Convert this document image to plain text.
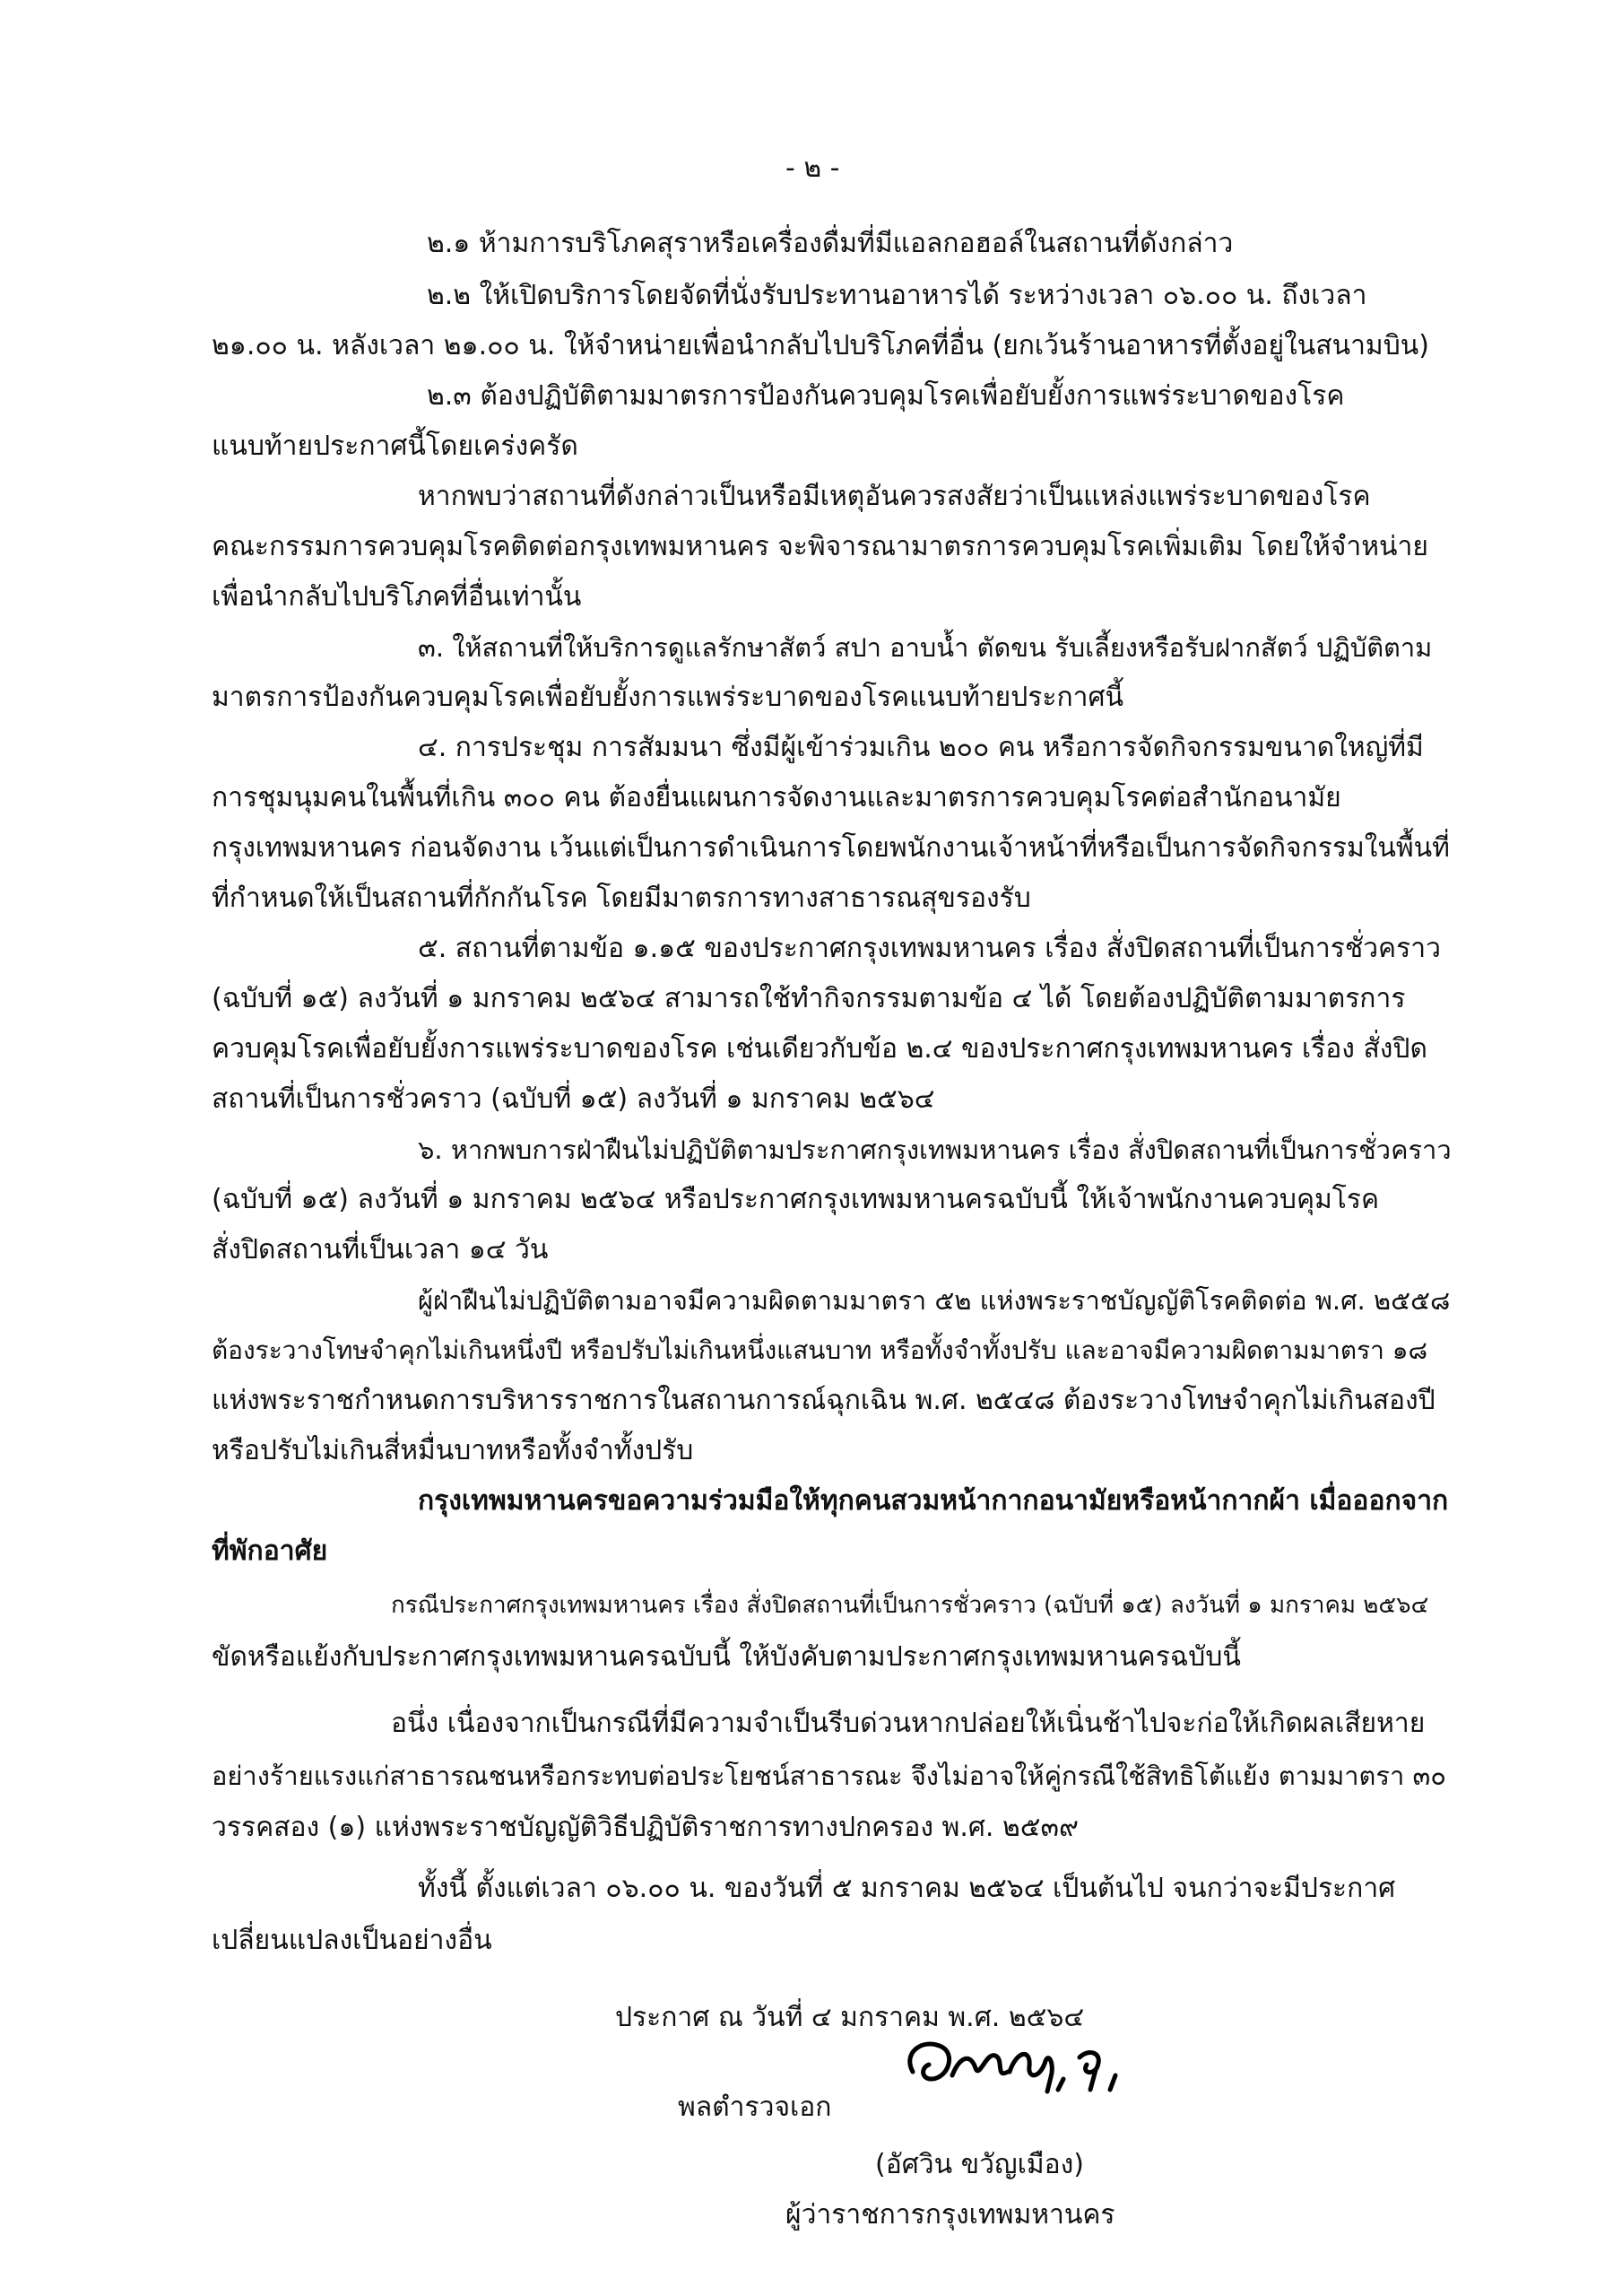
- ๒ -

๒.๑ ห้ามการบริโภคสุราหรือเครื่องดื่มที่มีแอลกอฮอล์ในสถานที่ดังกล่าว

๒.๒ ให้เปิดบริการโดยจัดที่นั่งรับประทานอาหารได้ ระหว่างเวลา ๐๖.๐๐ น. ถึงเวลา

๒๑.๐๐ น. หลังเวลา ๒๑.๐๐ น. ให้จำหน่ายเพื่อนำกลับไปบริโภคที่อื่น (ยกเว้นร้านอาหารที่ตั้งอยู่ในสนามบิน)

๒.๓ ต้องปฏิบัติตามมาตรการป้องกันควบคุมโรคเพื่อยับยั้งการแพร่ระบาดของโรค

แนบท้ายประกาศนี้โดยเคร่งครัด

หากพบว่าสถานที่ดังกล่าวเป็นหรือมีเหตุอันควรสงสัยว่าเป็นแหล่งแพร่ระบาดของโรค

คณะกรรมการควบคุมโรคติดต่อกรุงเทพมหานคร จะพิจารณามาตรการควบคุมโรคเพิ่มเติม โดยให้จำหน่าย

เพื่อนำกลับไปบริโภคที่อื่นเท่านั้น

๓. ให้สถานที่ให้บริการดูแลรักษาสัตว์ สปา อาบน้ำ ตัดขน รับเลี้ยงหรือรับฝากสัตว์ ปฏิบัติตาม

มาตรการป้องกันควบคุมโรคเพื่อยับยั้งการแพร่ระบาดของโรคแนบท้ายประกาศนี้

๔. การประชุม การสัมมนา ซึ่งมีผู้เข้าร่วมเกิน ๒๐๐ คน หรือการจัดกิจกรรมขนาดใหญ่ที่มี

การชุมนุมคนในพื้นที่เกิน ๓๐๐ คน ต้องยื่นแผนการจัดงานและมาตรการควบคุมโรคต่อสำนักอนามัย

กรุงเทพมหานคร ก่อนจัดงาน เว้นแต่เป็นการดำเนินการโดยพนักงานเจ้าหน้าที่หรือเป็นการจัดกิจกรรมในพื้นที่

ที่กำหนดให้เป็นสถานที่กักกันโรค โดยมีมาตรการทางสาธารณสุขรองรับ

๕. สถานที่ตามข้อ ๑.๑๕ ของประกาศกรุงเทพมหานคร เรื่อง สั่งปิดสถานที่เป็นการชั่วคราว

(ฉบับที่ ๑๕) ลงวันที่ ๑ มกราคม ๒๕๖๔ สามารถใช้ทำกิจกรรมตามข้อ ๔ ได้ โดยต้องปฏิบัติตามมาตรการ

ควบคุมโรคเพื่อยับยั้งการแพร่ระบาดของโรค เช่นเดียวกับข้อ ๒.๔ ของประกาศกรุงเทพมหานคร เรื่อง สั่งปิด

สถานที่เป็นการชั่วคราว (ฉบับที่ ๑๕) ลงวันที่ ๑ มกราคม ๒๕๖๔

๖. หากพบการฝ่าฝืนไม่ปฏิบัติตามประกาศกรุงเทพมหานคร เรื่อง สั่งปิดสถานที่เป็นการชั่วคราว

(ฉบับที่ ๑๕) ลงวันที่ ๑ มกราคม ๒๕๖๔ หรือประกาศกรุงเทพมหานครฉบับนี้ ให้เจ้าพนักงานควบคุมโรค

สั่งปิดสถานที่เป็นเวลา ๑๔ วัน

ผู้ฝ่าฝืนไม่ปฏิบัติตามอาจมีความผิดตามมาตรา ๕๒ แห่งพระราชบัญญัติโรคติดต่อ พ.ศ. ๒๕๕๘

ต้องระวางโทษจำคุกไม่เกินหนึ่งปี หรือปรับไม่เกินหนึ่งแสนบาท หรือทั้งจำทั้งปรับ และอาจมีความผิดตามมาตรา ๑๘

แห่งพระราชกำหนดการบริหารราชการในสถานการณ์ฉุกเฉิน พ.ศ. ๒๕๔๘ ต้องระวางโทษจำคุกไม่เกินสองปี

หรือปรับไม่เกินสี่หมื่นบาทหรือทั้งจำทั้งปรับ

กรุงเทพมหานครขอความร่วมมือให้ทุกคนสวมหน้ากากอนามัยหรือหน้ากากผ้า เมื่อออกจาก

ที่พักอาศัย

กรณีประกาศกรุงเทพมหานคร เรื่อง สั่งปิดสถานที่เป็นการชั่วคราว (ฉบับที่ ๑๕) ลงวันที่ ๑ มกราคม ๒๕๖๔

ขัดหรือแย้งกับประกาศกรุงเทพมหานครฉบับนี้ ให้บังคับตามประกาศกรุงเทพมหานครฉบับนี้

อนึ่ง เนื่องจากเป็นกรณีที่มีความจำเป็นรีบด่วนหากปล่อยให้เนิ่นช้าไปจะก่อให้เกิดผลเสียหาย

อย่างร้ายแรงแก่สาธารณชนหรือกระทบต่อประโยชน์สาธารณะ จึงไม่อาจให้คู่กรณีใช้สิทธิโต้แย้ง ตามมาตรา ๓๐

วรรคสอง (๑) แห่งพระราชบัญญัติวิธีปฏิบัติราชการทางปกครอง พ.ศ. ๒๕๓๙

ทั้งนี้ ตั้งแต่เวลา ๐๖.๐๐ น. ของวันที่ ๕ มกราคม ๒๕๖๔ เป็นต้นไป จนกว่าจะมีประกาศ

เปลี่ยนแปลงเป็นอย่างอื่น

ประกาศ ณ วันที่ ๔ มกราคม พ.ศ. ๒๕๖๔

พลตำรวจเอก

(อัศวิน ขวัญเมือง)

ผู้ว่าราชการกรุงเทพมหานคร
